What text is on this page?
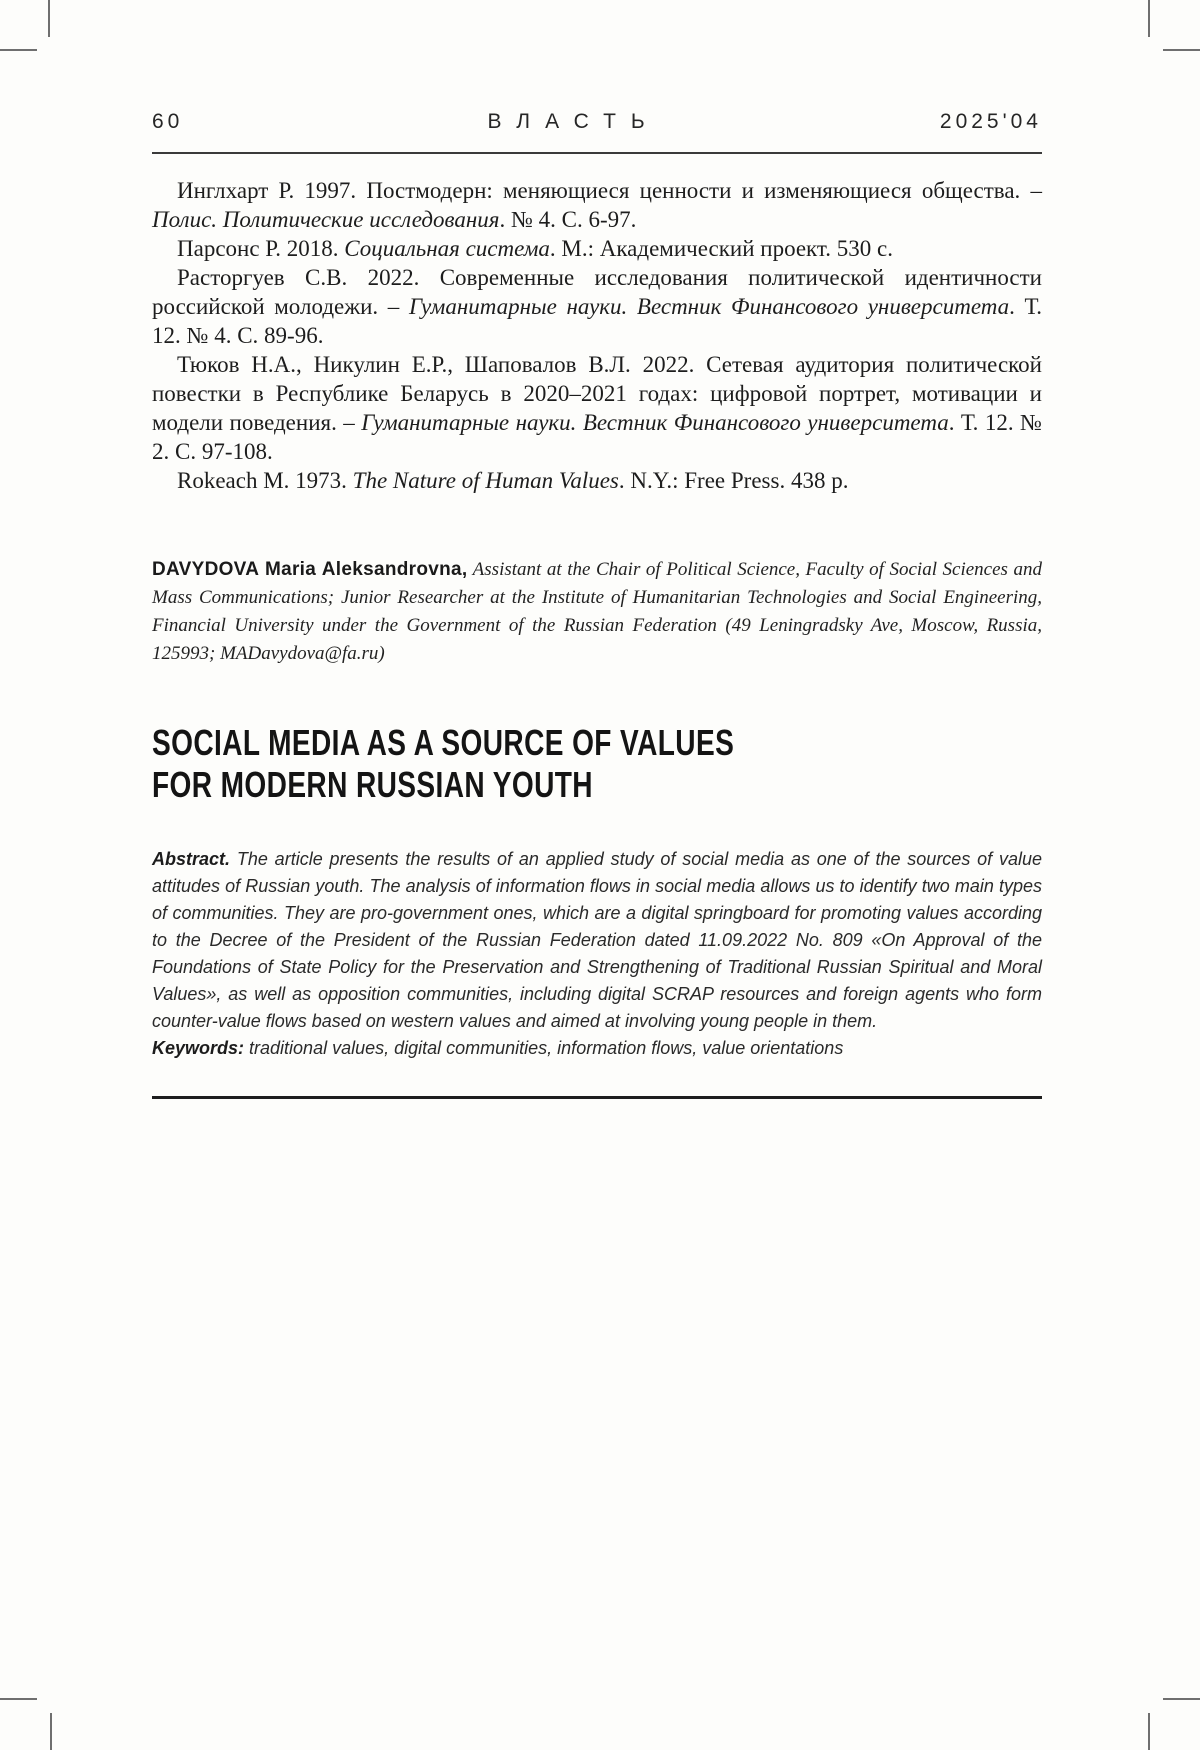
60	ВЛАСТЬ	2025'04

Инглхарт Р. 1997. Постмодерн: меняющиеся ценности и изменяющиеся общества. – Полис. Политические исследования. № 4. С. 6-97.

Парсонс Р. 2018. Социальная система. М.: Академический проект. 530 с.

Расторгуев С.В. 2022. Современные исследования политической идентичности российской молодежи. – Гуманитарные науки. Вестник Финансового университета. Т. 12. № 4. С. 89-96.

Тюков Н.А., Никулин Е.Р., Шаповалов В.Л. 2022. Сетевая аудитория политической повестки в Республике Беларусь в 2020–2021 годах: цифровой портрет, мотивации и модели поведения. – Гуманитарные науки. Вестник Финансового университета. Т. 12. № 2. С. 97-108.

Rokeach M. 1973. The Nature of Human Values. N.Y.: Free Press. 438 p.

DAVYDOVA Maria Aleksandrovna, Assistant at the Chair of Political Science, Faculty of Social Sciences and Mass Communications; Junior Researcher at the Institute of Humanitarian Technologies and Social Engineering, Financial University under the Government of the Russian Federation (49 Leningradsky Ave, Moscow, Russia, 125993; MADavydova@fa.ru)

SOCIAL MEDIA AS A SOURCE OF VALUES
FOR MODERN RUSSIAN YOUTH

Abstract. The article presents the results of an applied study of social media as one of the sources of value attitudes of Russian youth. The analysis of information flows in social media allows us to identify two main types of communities. They are pro-government ones, which are a digital springboard for promoting values according to the Decree of the President of the Russian Federation dated 11.09.2022 No. 809 «On Approval of the Foundations of State Policy for the Preservation and Strengthening of Traditional Russian Spiritual and Moral Values», as well as opposition communities, including digital SCRAP resources and foreign agents who form counter-value flows based on western values and aimed at involving young people in them.

Keywords: traditional values, digital communities, information flows, value orientations
